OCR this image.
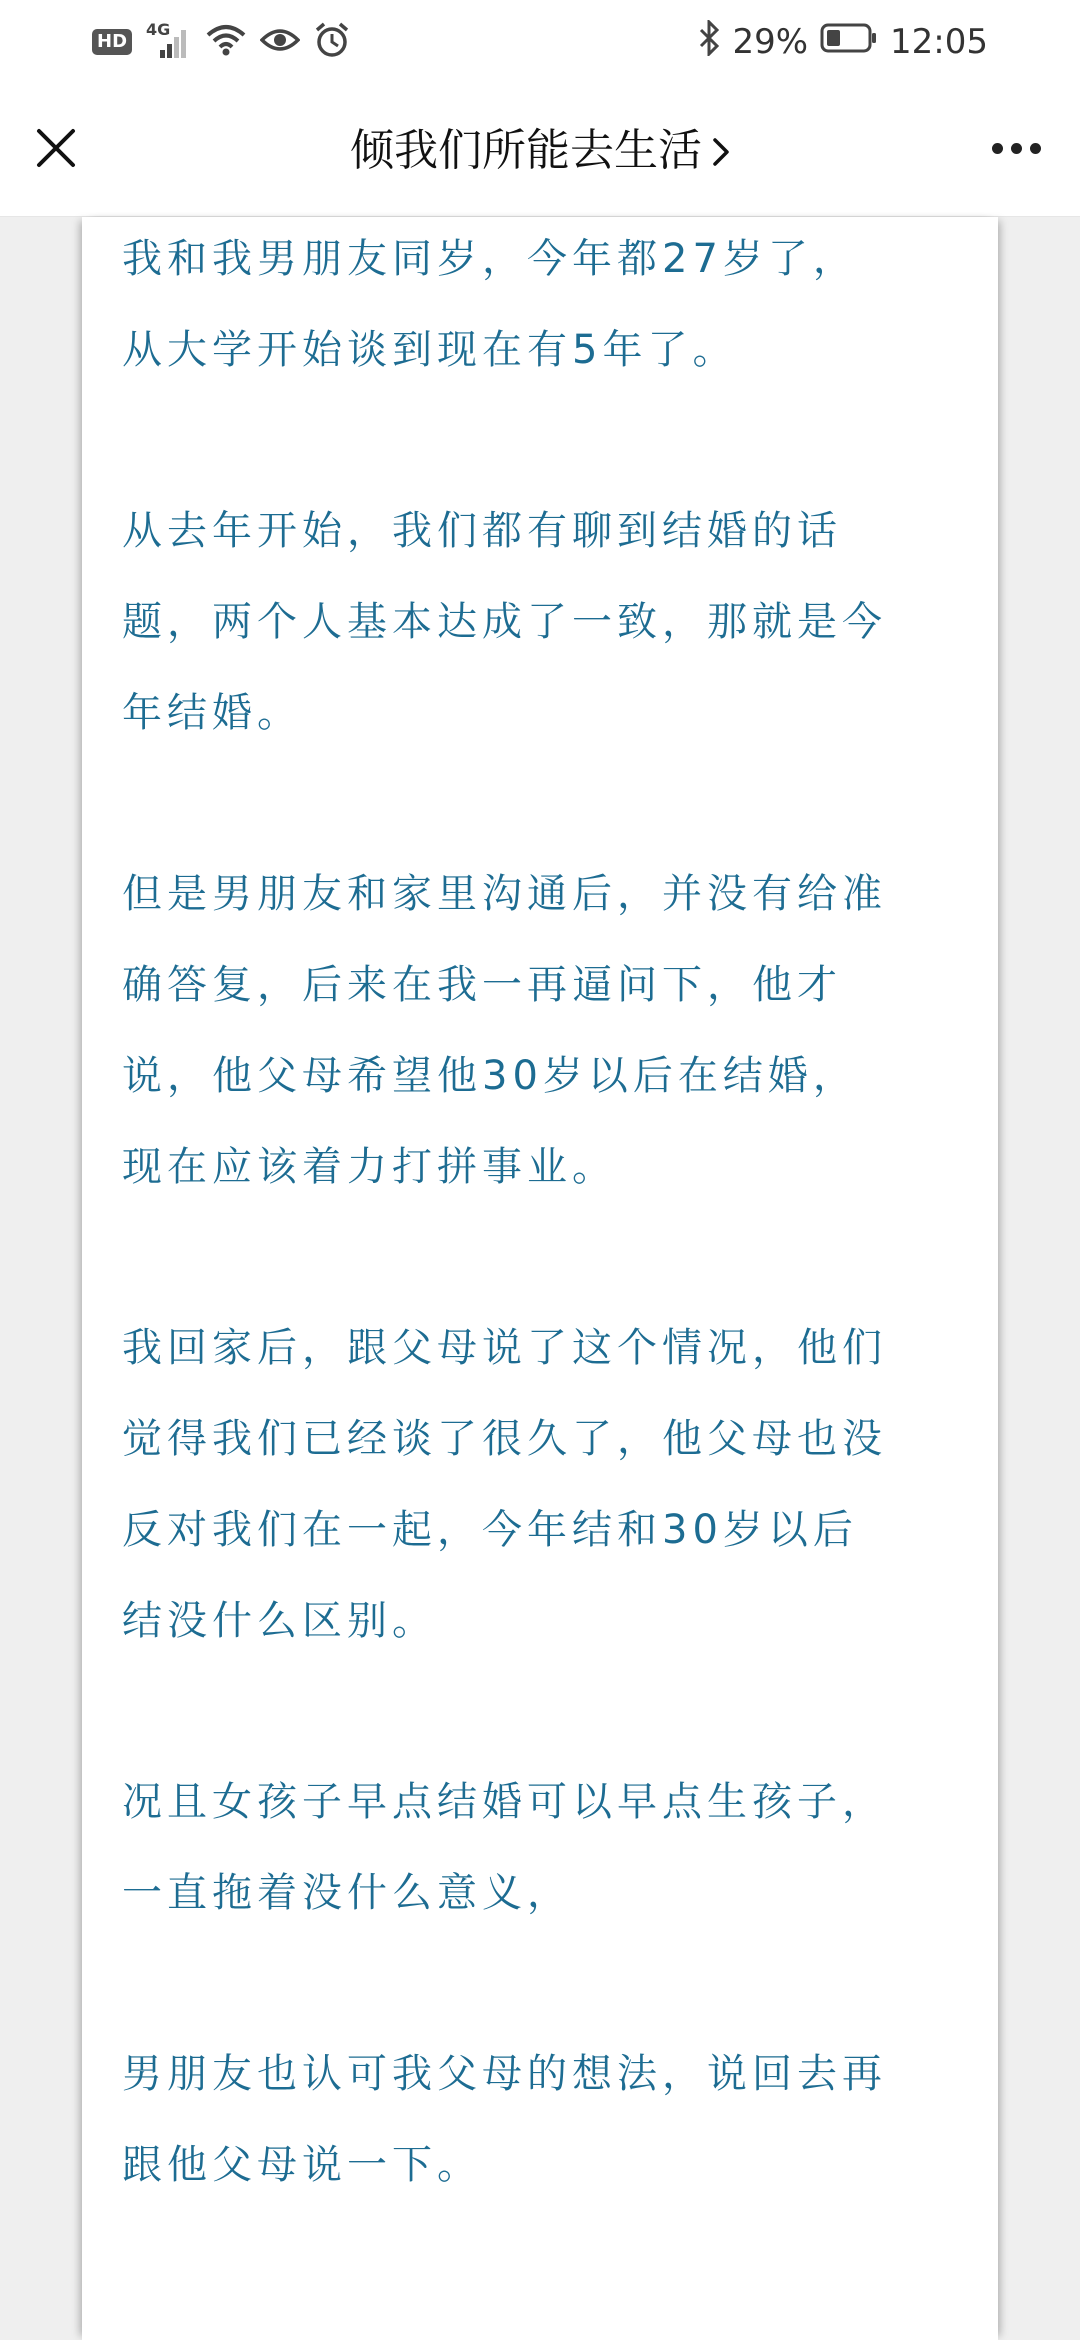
HD
4G	29% 12:05
倾我们所能去生活
我和我男朋友同岁，今年都27岁了，
从大学开始谈到现在有5年了。
从去年开始，我们都有聊到结婚的话
题，两个人基本达成了一致，那就是今
年结婚。
但是男朋友和家里沟通后，并没有给准
确答复，后来在我一再逼问下，他才
说，他父母希望他30岁以后在结婚，
现在应该着力打拼事业。
我回家后，跟父母说了这个情况，他们
觉得我们已经谈了很久了，他父母也没
反对我们在一起，今年结和30岁以后
结没什么区别。
况且女孩子早点结婚可以早点生孩子，
一直拖着没什么意义，
男朋友也认可我父母的想法，说回去再
跟他父母说一下。
